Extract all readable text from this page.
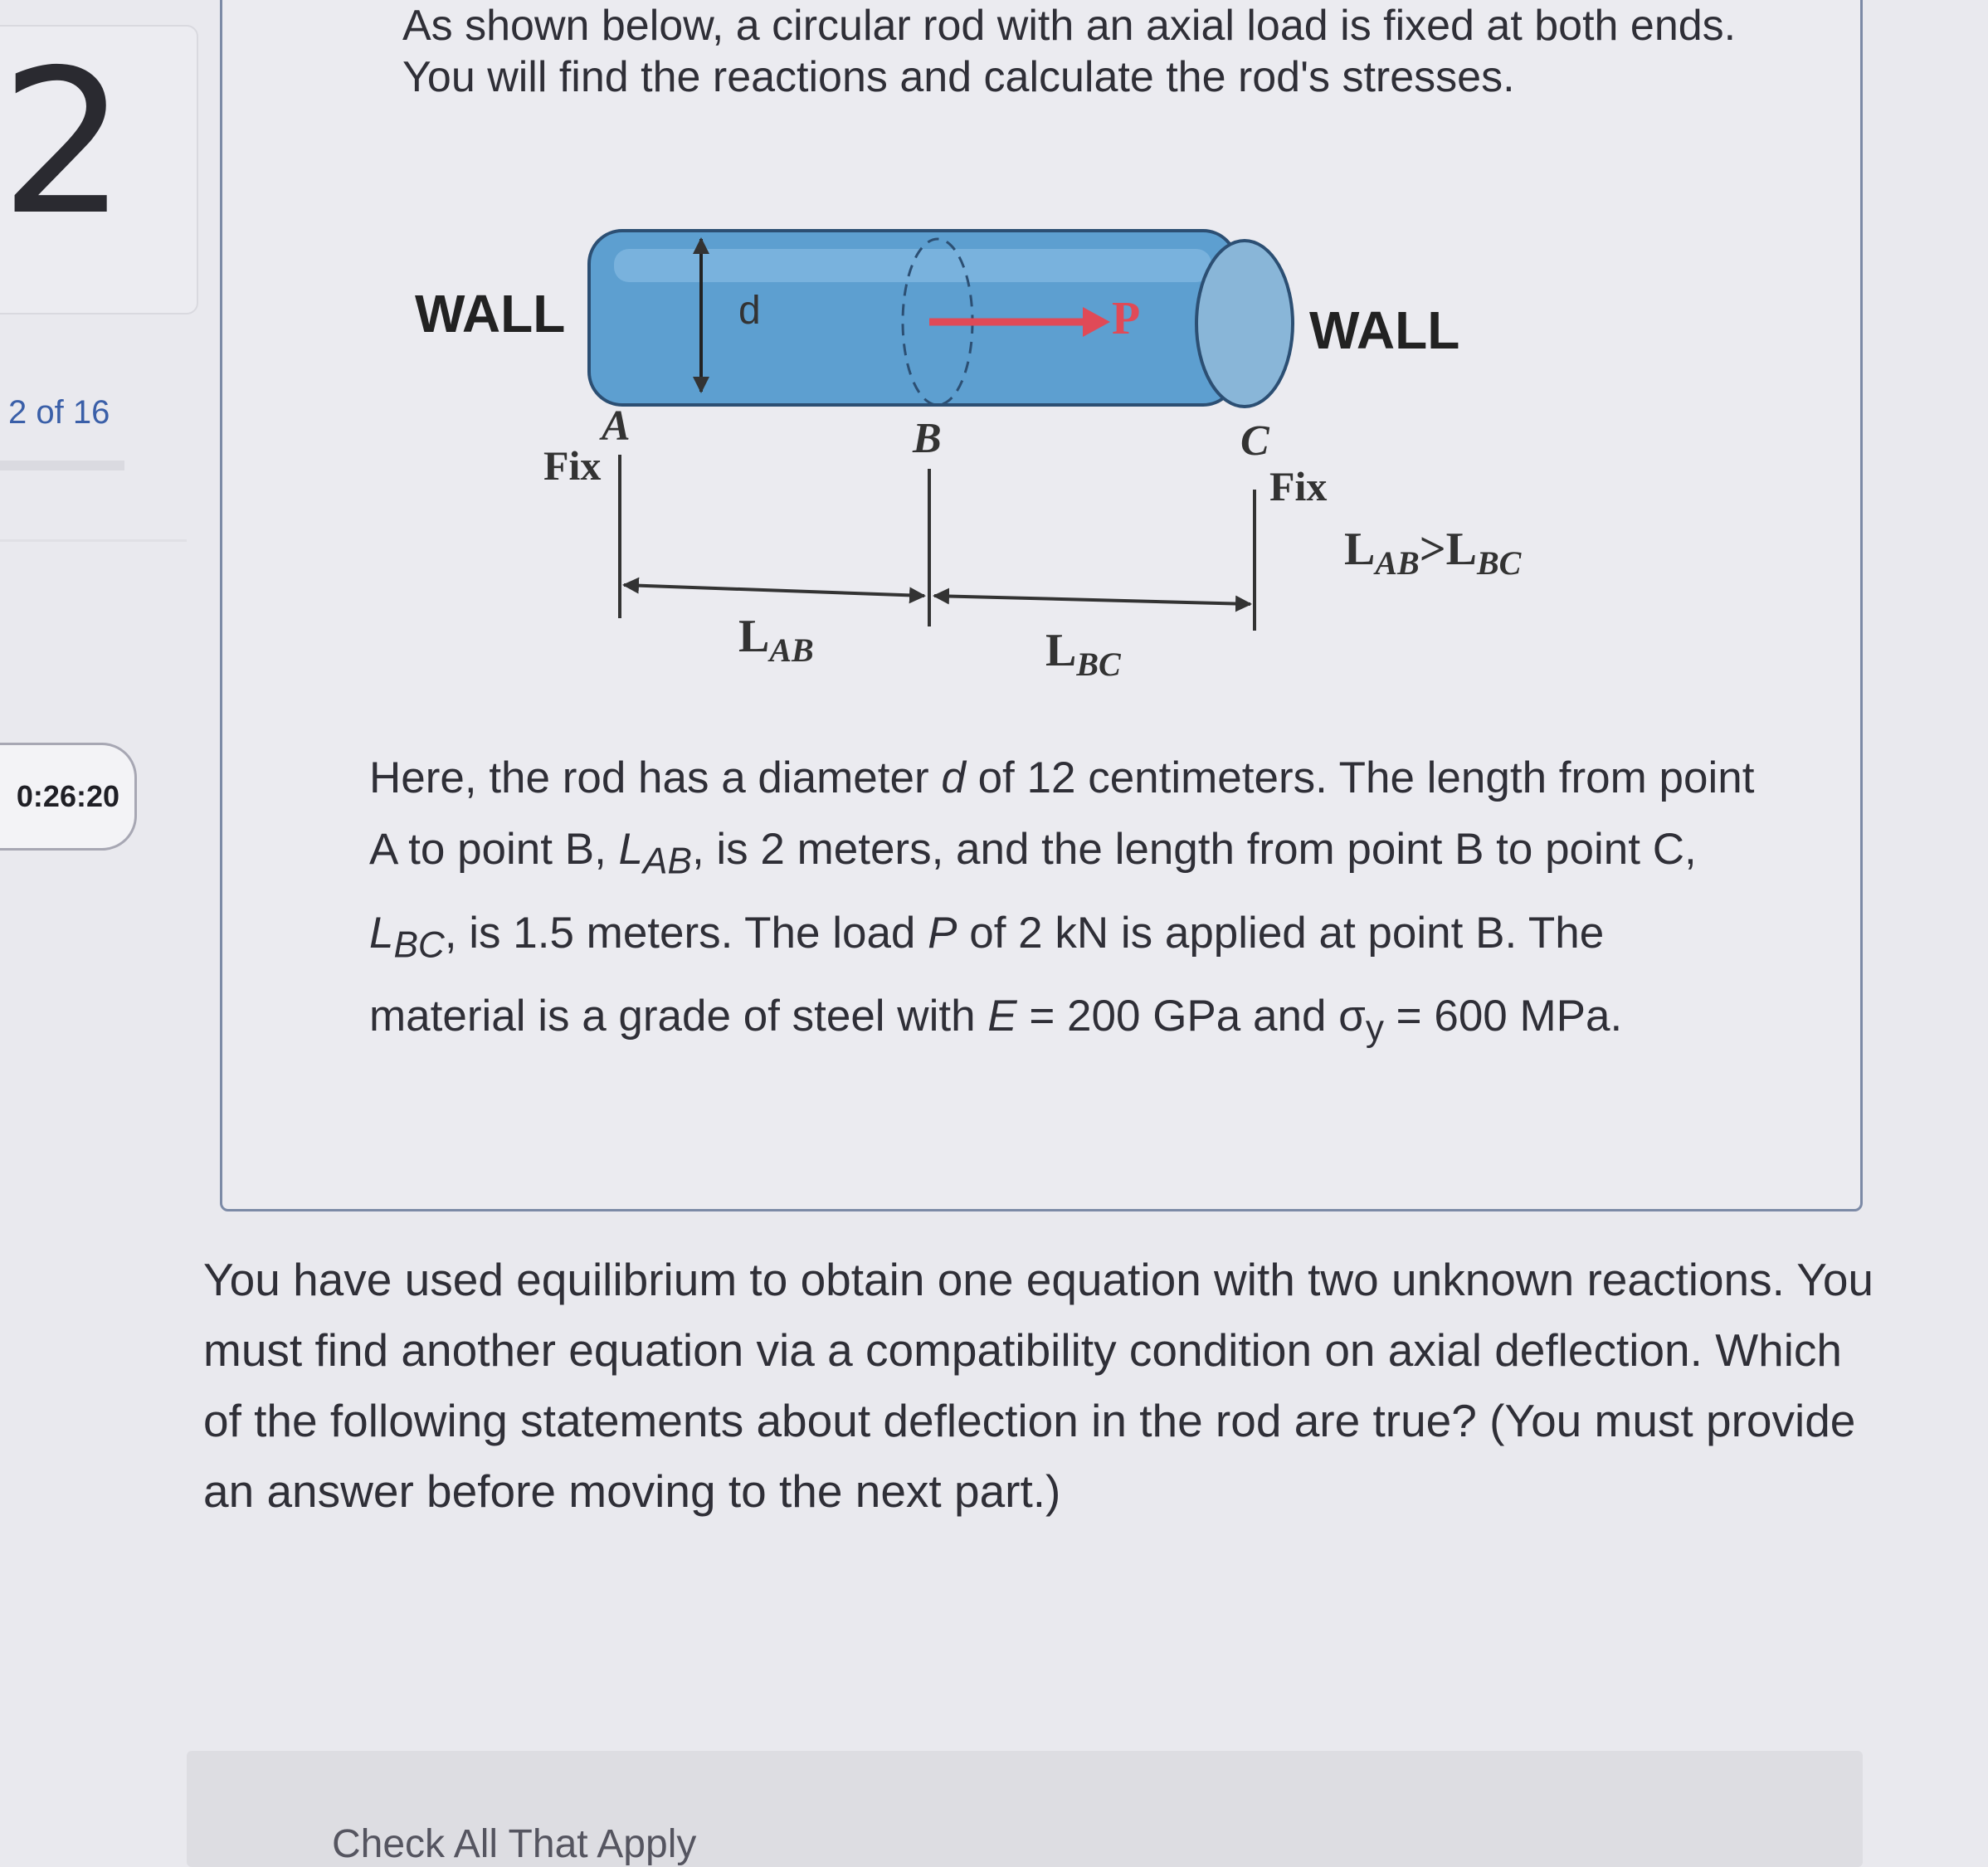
2
2 of 16
0:26:20

As shown below, a circular rod with an axial load is fixed at both ends. You will find the reactions and calculate the rod's stresses.

d	P
WALL	WALL
A	B	C
Fix	Fix
$L_{AB}$	$L_{BC}$
$L_{AB}>L_{BC}$

Here, the rod has a diameter d of 12 centimeters. The length from point A to point B, $L_{AB}$, is 2 meters, and the length from point B to point C, $L_{BC}$, is 1.5 meters. The load P of 2 kN is applied at point B. The material is a grade of steel with E = 200 GPa and $\sigma_y = 600$ MPa.

You have used equilibrium to obtain one equation with two unknown reactions. You must find another equation via a compatibility condition on axial deflection. Which of the following statements about deflection in the rod are true? (You must provide an answer before moving to the next part.)

Check All That Apply
